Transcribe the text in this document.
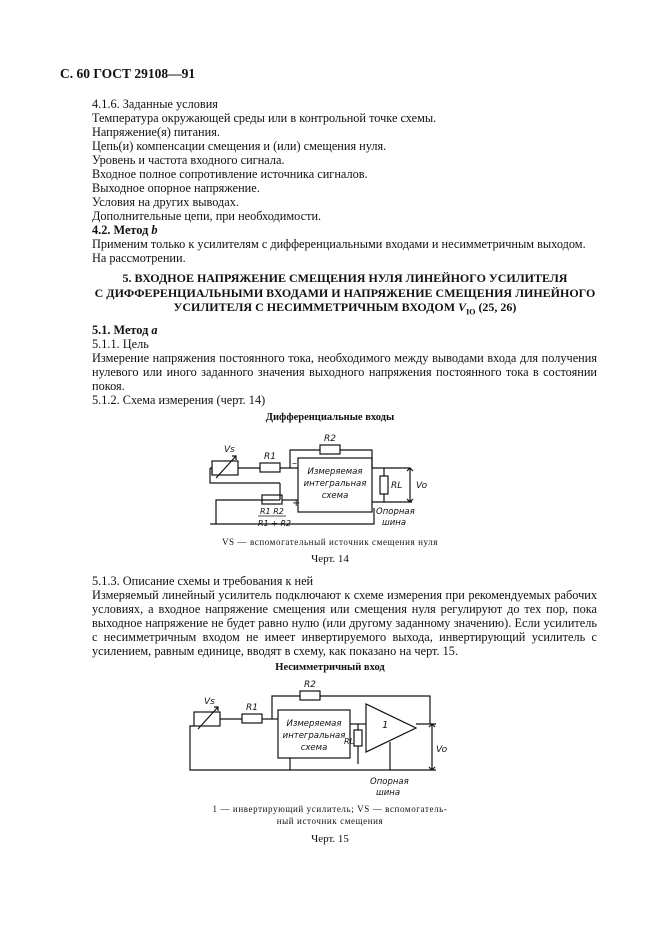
С. 60 ГОСТ 29108—91
4.1.6. Заданные условия
Температура окружающей среды или в контрольной точке схемы.
Напряжение(я) питания.
Цепь(и) компенсации смещения и (или) смещения нуля.
Уровень и частота входного сигнала.
Входное полное сопротивление источника сигналов.
Выходное опорное напряжение.
Условия на других выводах.
Дополнительные цепи, при необходимости.
4.2. Метод b
Применим только к усилителям с дифференциальными входами и несимметричным выходом.
На рассмотрении.
5. ВХОДНОЕ НАПРЯЖЕНИЕ СМЕЩЕНИЯ НУЛЯ ЛИНЕЙНОГО УСИЛИТЕЛЯ
С ДИФФЕРЕНЦИАЛЬНЫМИ ВХОДАМИ И НАПРЯЖЕНИЕ СМЕЩЕНИЯ ЛИНЕЙНОГО
УСИЛИТЕЛЯ С НЕСИММЕТРИЧНЫМ ВХОДОМ $V_{IO}$ (25, 26)
5.1. Метод a
5.1.1. Цель
Измерение напряжения постоянного тока, необходимого между выводами входа для получения нулевого или иного заданного значения выходного напряжения постоянного тока в состоянии покоя.
5.1.2. Схема измерения (черт. 14)
Дифференциальные входы
Vs
R1
R2
RL Vo
Измеряемая
интегральная
схема
–
+
R1 R2
R1 + R2
Опорная
шина
VS — вспомогательный источник смещения нуля
Черт. 14
5.1.3. Описание схемы и требования к ней
Измеряемый линейный усилитель подключают к схеме измерения при рекомендуемых рабочих условиях, а входное напряжение смещения или смещения нуля регулируют до тех пор, пока выходное напряжение не будет равно нулю (или другому заданному значению). Если усилитель с несимметричным входом не имеет инвертируемого выхода, инвертирующий усилитель с усилением, равным единице, вводят в схему, как показано на черт. 15.
Несимметричный вход
Vs
R1
R2
RL
Vo
Измеряемая
интегральная
схема
1
Опорная
шина
1 — инвертирующий усилитель; VS — вспомогатель-
ный источник смещения
Черт. 15
